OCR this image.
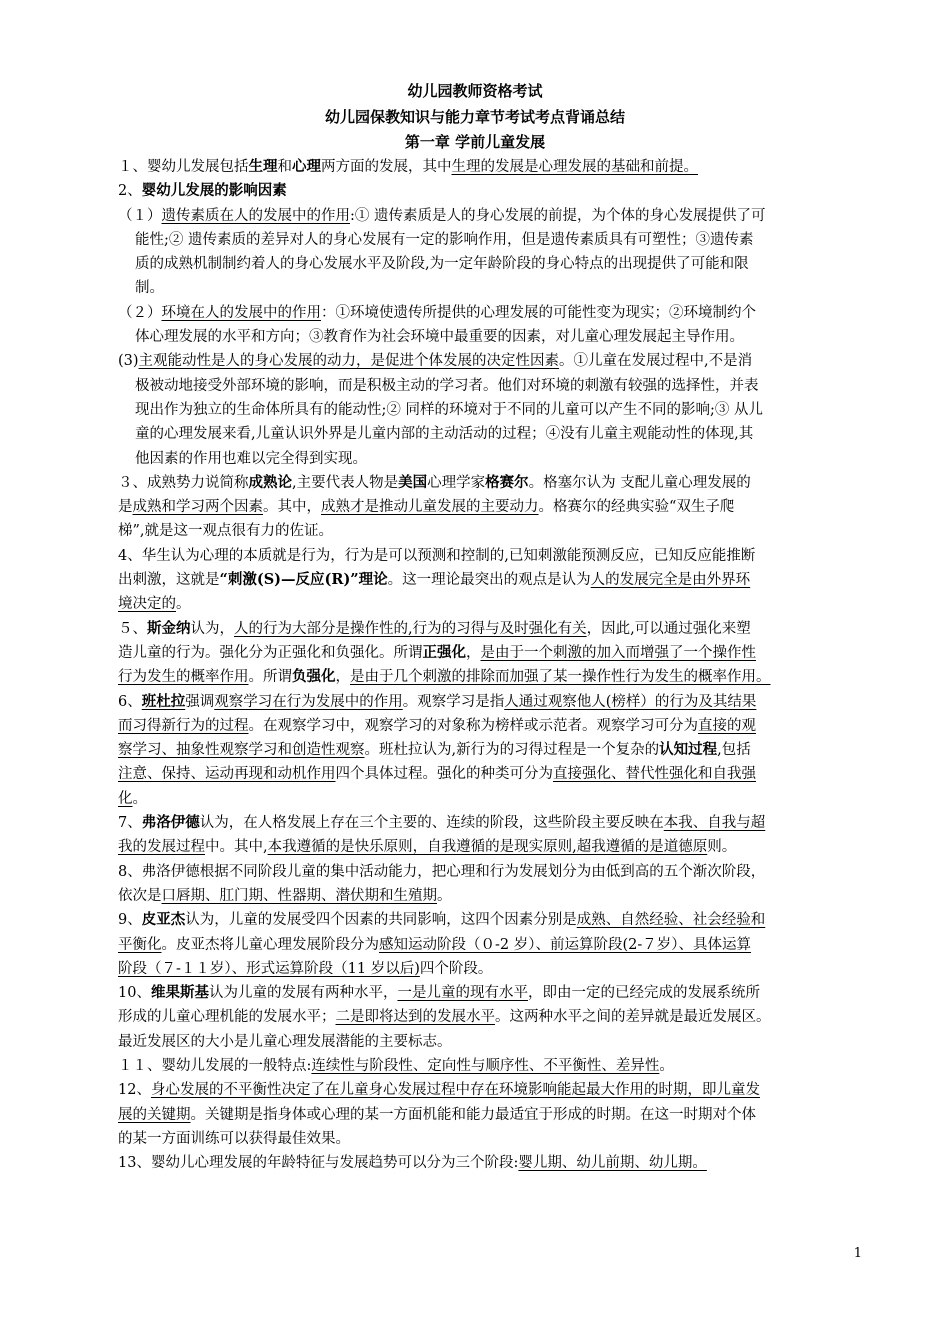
幼儿园教师资格考试
幼儿园保教知识与能力章节考试考点背诵总结
第一章 学前儿童发展

１、婴幼儿发展包括生理和心理两方面的发展，其中生理的发展是心理发展的基础和前提。

2、婴幼儿发展的影响因素

（１）遗传素质在人的发展中的作用:① 遗传素质是人的身心发展的前提，为个体的身心发展提供了可
能性;② 遗传素质的差异对人的身心发展有一定的影响作用，但是遗传素质具有可塑性；③遗传素
质的成熟机制制约着人的身心发展水平及阶段,为一定年龄阶段的身心特点的出现提供了可能和限
制。

（２）环境在人的发展中的作用：①环境使遗传所提供的心理发展的可能性变为现实；②环境制约个
体心理发展的水平和方向；③教育作为社会环境中最重要的因素，对儿童心理发展起主导作用。

(3)主观能动性是人的身心发展的动力，是促进个体发展的决定性因素。①儿童在发展过程中,不是消
极被动地接受外部环境的影响，而是积极主动的学习者。他们对环境的刺激有较强的选择性，并表
现出作为独立的生命体所具有的能动性;② 同样的环境对于不同的儿童可以产生不同的影响;③ 从儿
童的心理发展来看,儿童认识外界是儿童内部的主动活动的过程；④没有儿童主观能动性的体现,其
他因素的作用也难以完全得到实现。

３、成熟势力说简称成熟论,主要代表人物是美国心理学家格赛尔。格塞尔认为 支配儿童心理发展的
是成熟和学习两个因素。其中，成熟才是推动儿童发展的主要动力。格赛尔的经典实验“双生子爬
梯”,就是这一观点很有力的佐证。

4、华生认为心理的本质就是行为，行为是可以预测和控制的,已知刺激能预测反应，已知反应能推断
出刺激，这就是“刺激(S)—反应(R)”理论。这一理论最突出的观点是认为人的发展完全是由外界环
境决定的。

５、斯金纳认为，人的行为大部分是操作性的,行为的习得与及时强化有关，因此,可以通过强化来塑
造儿童的行为。强化分为正强化和负强化。所谓正强化，是由于一个刺激的加入而增强了一个操作性
行为发生的概率作用。所谓负强化，是由于几个刺激的排除而加强了某一操作性行为发生的概率作用。

6、班杜拉强调观察学习在行为发展中的作用。观察学习是指人通过观察他人(榜样）的行为及其结果
而习得新行为的过程。在观察学习中，观察学习的对象称为榜样或示范者。观察学习可分为直接的观
察学习、抽象性观察学习和创造性观察。班杜拉认为,新行为的习得过程是一个复杂的认知过程,包括
注意、保持、运动再现和动机作用四个具体过程。强化的种类可分为直接强化、替代性强化和自我强
化。

7、弗洛伊德认为，在人格发展上存在三个主要的、连续的阶段，这些阶段主要反映在本我、自我与超
我的发展过程中。其中,本我遵循的是快乐原则，自我遵循的是现实原则,超我遵循的是道德原则。

8、弗洛伊德根据不同阶段儿童的集中活动能力，把心理和行为发展划分为由低到高的五个渐次阶段，
依次是口唇期、肛门期、性器期、潜伏期和生殖期。

9、皮亚杰认为，儿童的发展受四个因素的共同影响，这四个因素分别是成熟、自然经验、社会经验和
平衡化。皮亚杰将儿童心理发展阶段分为感知运动阶段（０-2 岁）、前运算阶段(2-７岁）、具体运算
阶段（７-１１岁）、形式运算阶段（11 岁以后)四个阶段。

10、维果斯基认为儿童的发展有两种水平，一是儿童的现有水平，即由一定的已经完成的发展系统所
形成的儿童心理机能的发展水平；二是即将达到的发展水平。这两种水平之间的差异就是最近发展区。
最近发展区的大小是儿童心理发展潜能的主要标志。

１１、婴幼儿发展的一般特点:连续性与阶段性、定向性与顺序性、不平衡性、差异性。

12、身心发展的不平衡性决定了在儿童身心发展过程中存在环境影响能起最大作用的时期，即儿童发
展的关键期。关键期是指身体或心理的某一方面机能和能力最适宜于形成的时期。在这一时期对个体
的某一方面训练可以获得最佳效果。

13、婴幼儿心理发展的年龄特征与发展趋势可以分为三个阶段:婴儿期、幼儿前期、幼儿期。

1
